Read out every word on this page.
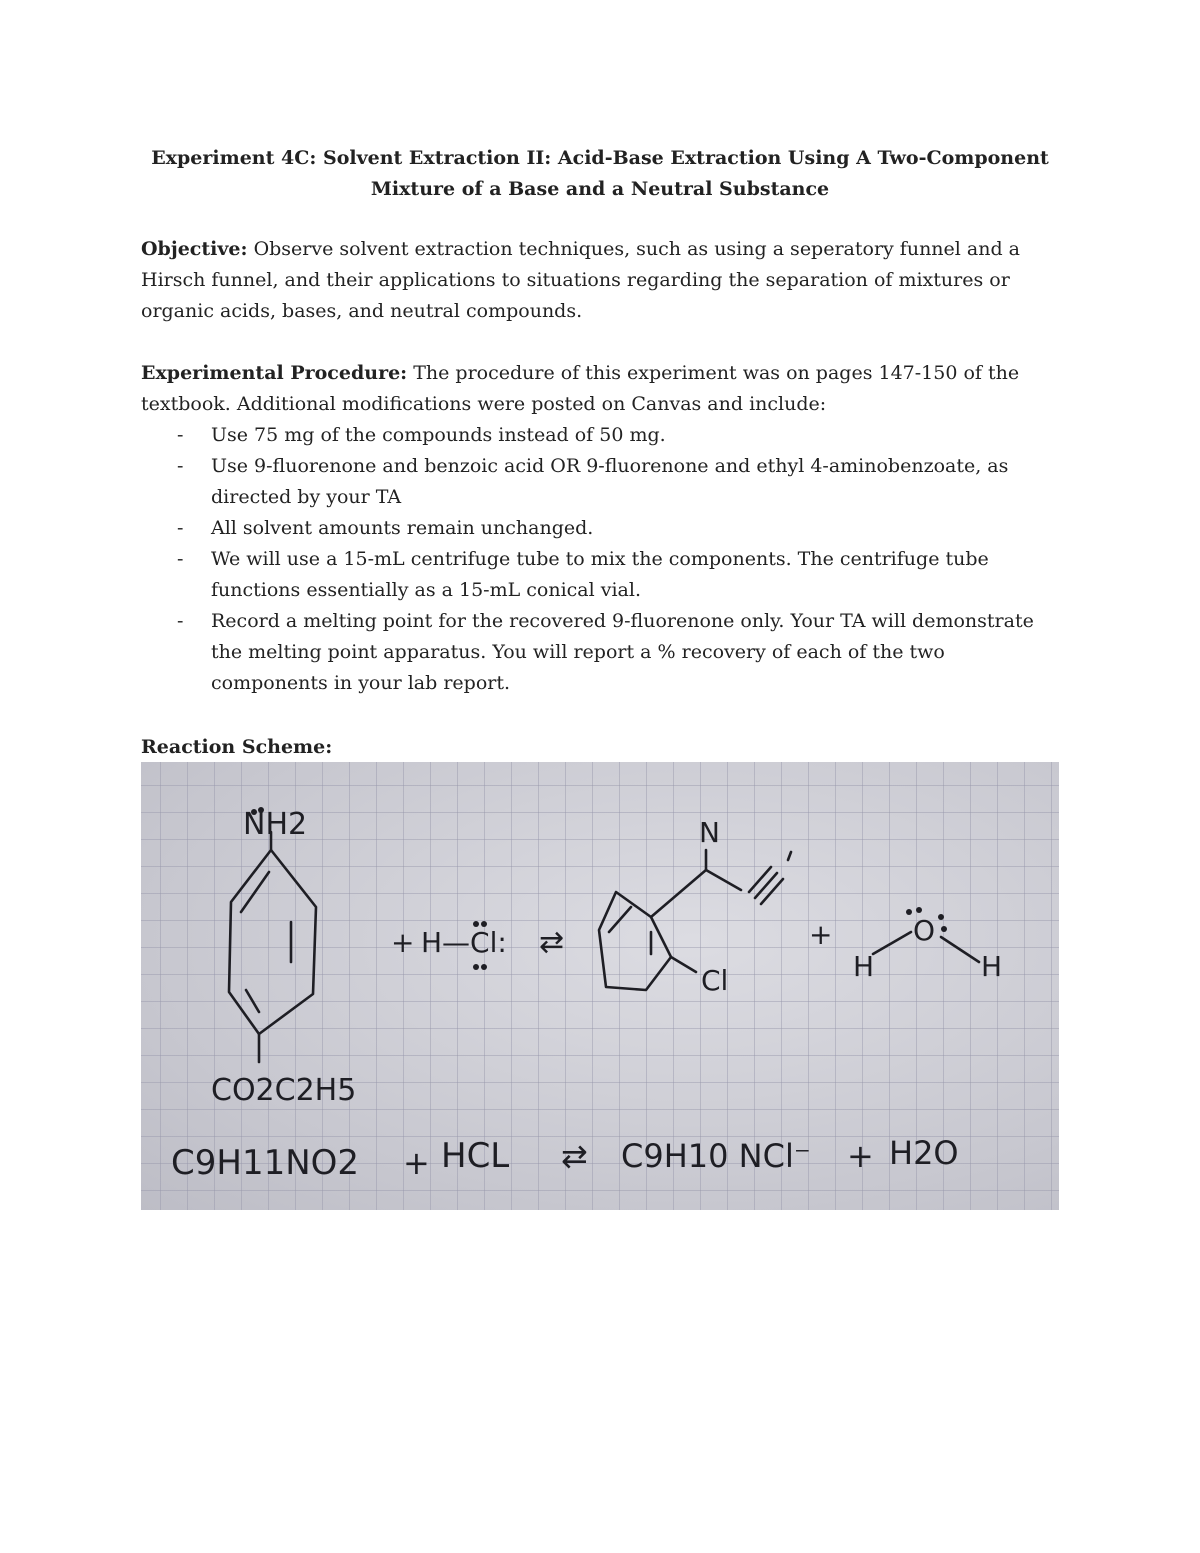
Experiment 4C: Solvent Extraction II: Acid-Base Extraction Using A Two-Component
Mixture of a Base and a Neutral Substance
Objective: Observe solvent extraction techniques, such as using a seperatory funnel and a Hirsch funnel, and their applications to situations regarding the separation of mixtures or organic acids, bases, and neutral compounds.
Experimental Procedure: The procedure of this experiment was on pages 147-150 of the textbook. Additional modifications were posted on Canvas and include:
- Use 75 mg of the compounds instead of 50 mg.
- Use 9-fluorenone and benzoic acid OR 9-fluorenone and ethyl 4-aminobenzoate, as directed by your TA
- All solvent amounts remain unchanged.
- We will use a 15-mL centrifuge tube to mix the components. The centrifuge tube functions essentially as a 15-mL conical vial.
- Record a melting point for the recovered 9-fluorenone only. Your TA will demonstrate the melting point apparatus. You will report a % recovery of each of the two components in your lab report.
Reaction Scheme:
NH2
CO2C2H5
+ H—Cl: ⇄
N
Cl
+
H
O
H
C9H11NO2 + HCL ⇄ C9H10 NCl⁻ + H2O
